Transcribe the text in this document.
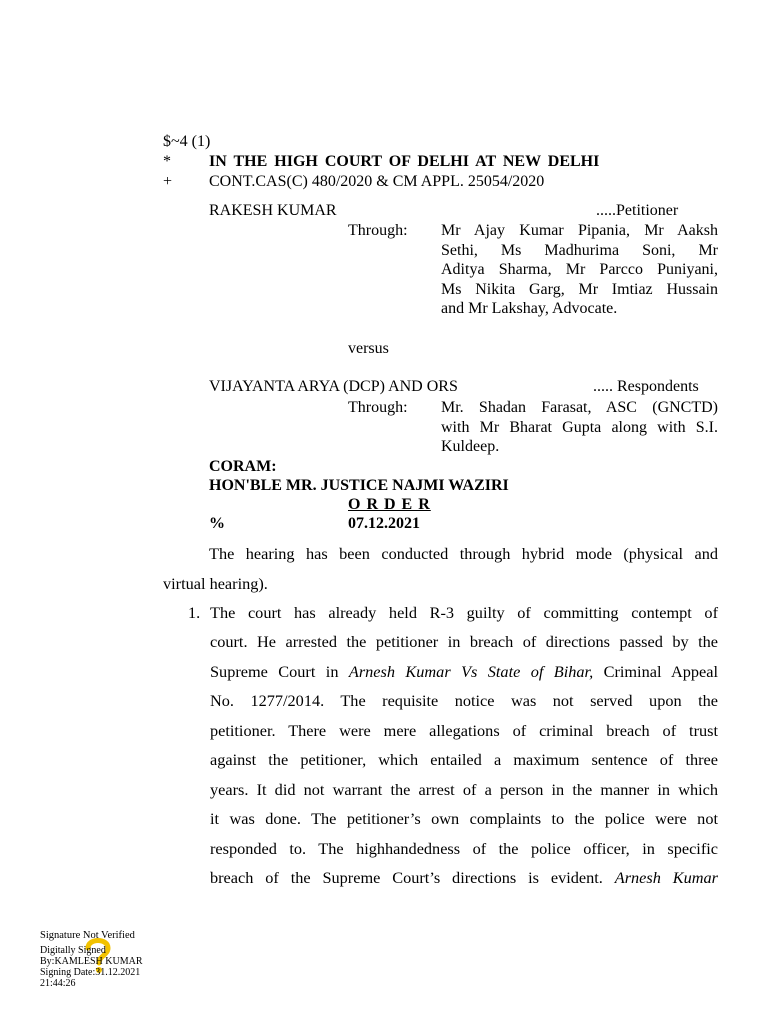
$~4 (1)
* IN THE HIGH COURT OF DELHI AT NEW DELHI
+ CONT.CAS(C) 480/2020 & CM APPL. 25054/2020
RAKESH KUMAR	.....Petitioner
Through: Mr Ajay Kumar Pipania, Mr Aaksh
Sethi, Ms Madhurima Soni, Mr
Aditya Sharma, Mr Parcco Puniyani,
Ms Nikita Garg, Mr Imtiaz Hussain
and Mr Lakshay, Advocate.
versus
VIJAYANTA ARYA (DCP) AND ORS	..... Respondents
Through: Mr. Shadan Farasat, ASC (GNCTD)
with Mr Bharat Gupta along with S.I.
Kuldeep.
CORAM:
HON'BLE MR. JUSTICE NAJMI WAZIRI
O R D E R
%	07.12.2021
The hearing has been conducted through hybrid mode (physical and
virtual hearing).
1. The court has already held R-3 guilty of committing contempt of
court. He arrested the petitioner in breach of directions passed by the
Supreme Court in Arnesh Kumar Vs State of Bihar, Criminal Appeal
No. 1277/2014. The requisite notice was not served upon the
petitioner. There were mere allegations of criminal breach of trust
against the petitioner, which entailed a maximum sentence of three
years. It did not warrant the arrest of a person in the manner in which
it was done. The petitioner’s own complaints to the police were not
responded to. The highhandedness of the police officer, in specific
breach of the Supreme Court’s directions is evident. Arnesh Kumar
Signature Not Verified
Digitally Signed
By:KAMLESH KUMAR
Signing Date:31.12.2021
21:44:26
